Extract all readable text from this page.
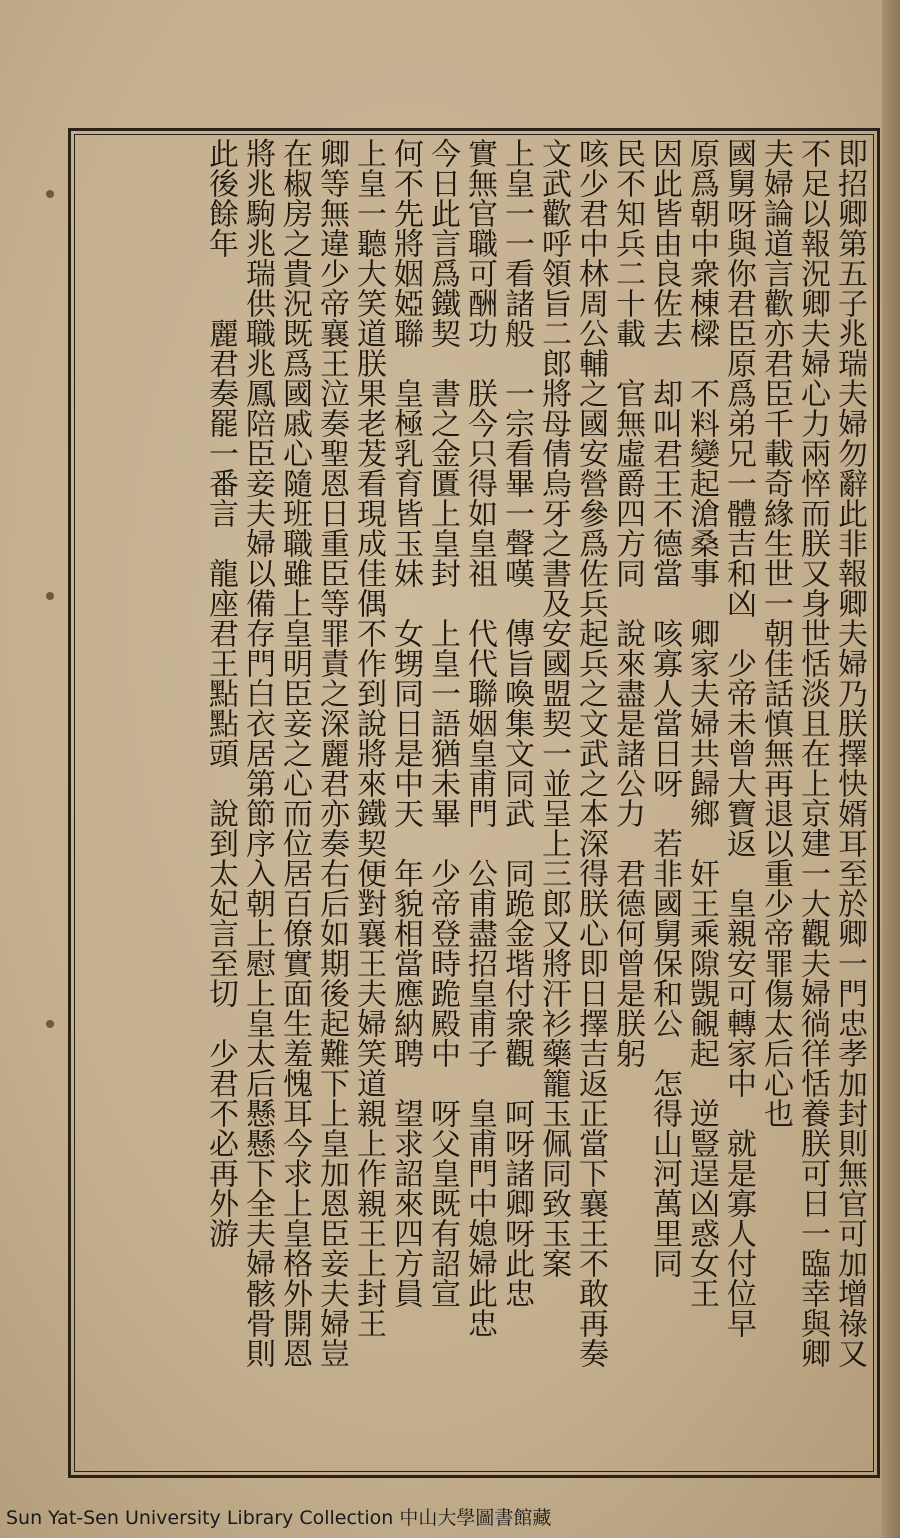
即招卿第五子兆瑞夫婦勿辭此非報卿夫婦乃朕擇快婿耳至於卿一門忠孝加封則無官可加增祿又
不足以報況卿夫婦心力兩悴而朕又身世恬淡且在上京建一大觀夫婦徜徉恬養朕可日一臨幸與卿
夫婦論道言歡亦君臣千載奇緣生世一朝佳話慎無再退以重少帝罪傷太后心也
國舅呀與你君臣原爲弟兄一體吉和凶　少帝未曾大寶返　皇親安可轉家中　就是寡人付位早
原爲朝中衆棟樑　不料變起滄桑事　卿家夫婦共歸鄉　奸王乘隙覬覦起　逆豎逞凶惑女王
因此皆由良佐去　却叫君王不德當　咳寡人當日呀　若非國舅保和公　怎得山河萬里同
民不知兵二十載　官無虛爵四方同　說來盡是諸公力　君德何曾是朕躬
咳少君中林周公輔之國安營參爲佐兵起兵之文武之本深得朕心即日擇吉返正當下襄王不敢再奏
文武歡呼領旨二郎將母倩烏牙之書及安國盟契一並呈上三郎又將汗衫藥籠玉佩同致玉案
上皇一一看諸般　一宗看畢一聲嘆　傳旨喚集文同武　同跪金堦付衆觀　呵呀諸卿呀此忠
實無官職可酬功　朕今只得如皇祖　代代聯姻皇甫門　公甫盡招皇甫子　皇甫門中媳婦此忠
今日此言爲鐵契　書之金匱上皇封　上皇一語猶未畢　少帝登時跪殿中　呀父皇既有詔宣
何不先將姻婭聯　皇極乳育皆玉妹　女甥同日是中天　年貌相當應納聘　望求詔來四方員
上皇一聽大笑道朕果老茇看現成佳偶不作到說將來鐵契便對襄王夫婦笑道親上作親王上封王
卿等無違少帝襄王泣奏聖恩日重臣等罪責之深麗君亦奏右后如期後起難下上皇加恩臣妾夫婦豈
在椒房之貴況既爲國戚心隨班職雖上皇明臣妾之心而位居百僚實面生羞愧耳今求上皇格外開恩
將兆駒兆瑞供職兆鳳陪臣妾夫婦以備存門白衣居第節序入朝上慰上皇太后懸懸下全夫婦骸骨則
此後餘年　　麗君奏罷一番言　龍座君王點點頭　說到太妃言至切　少君不必再外游
Sun Yat-Sen University Library Collection 中山大學圖書館藏
